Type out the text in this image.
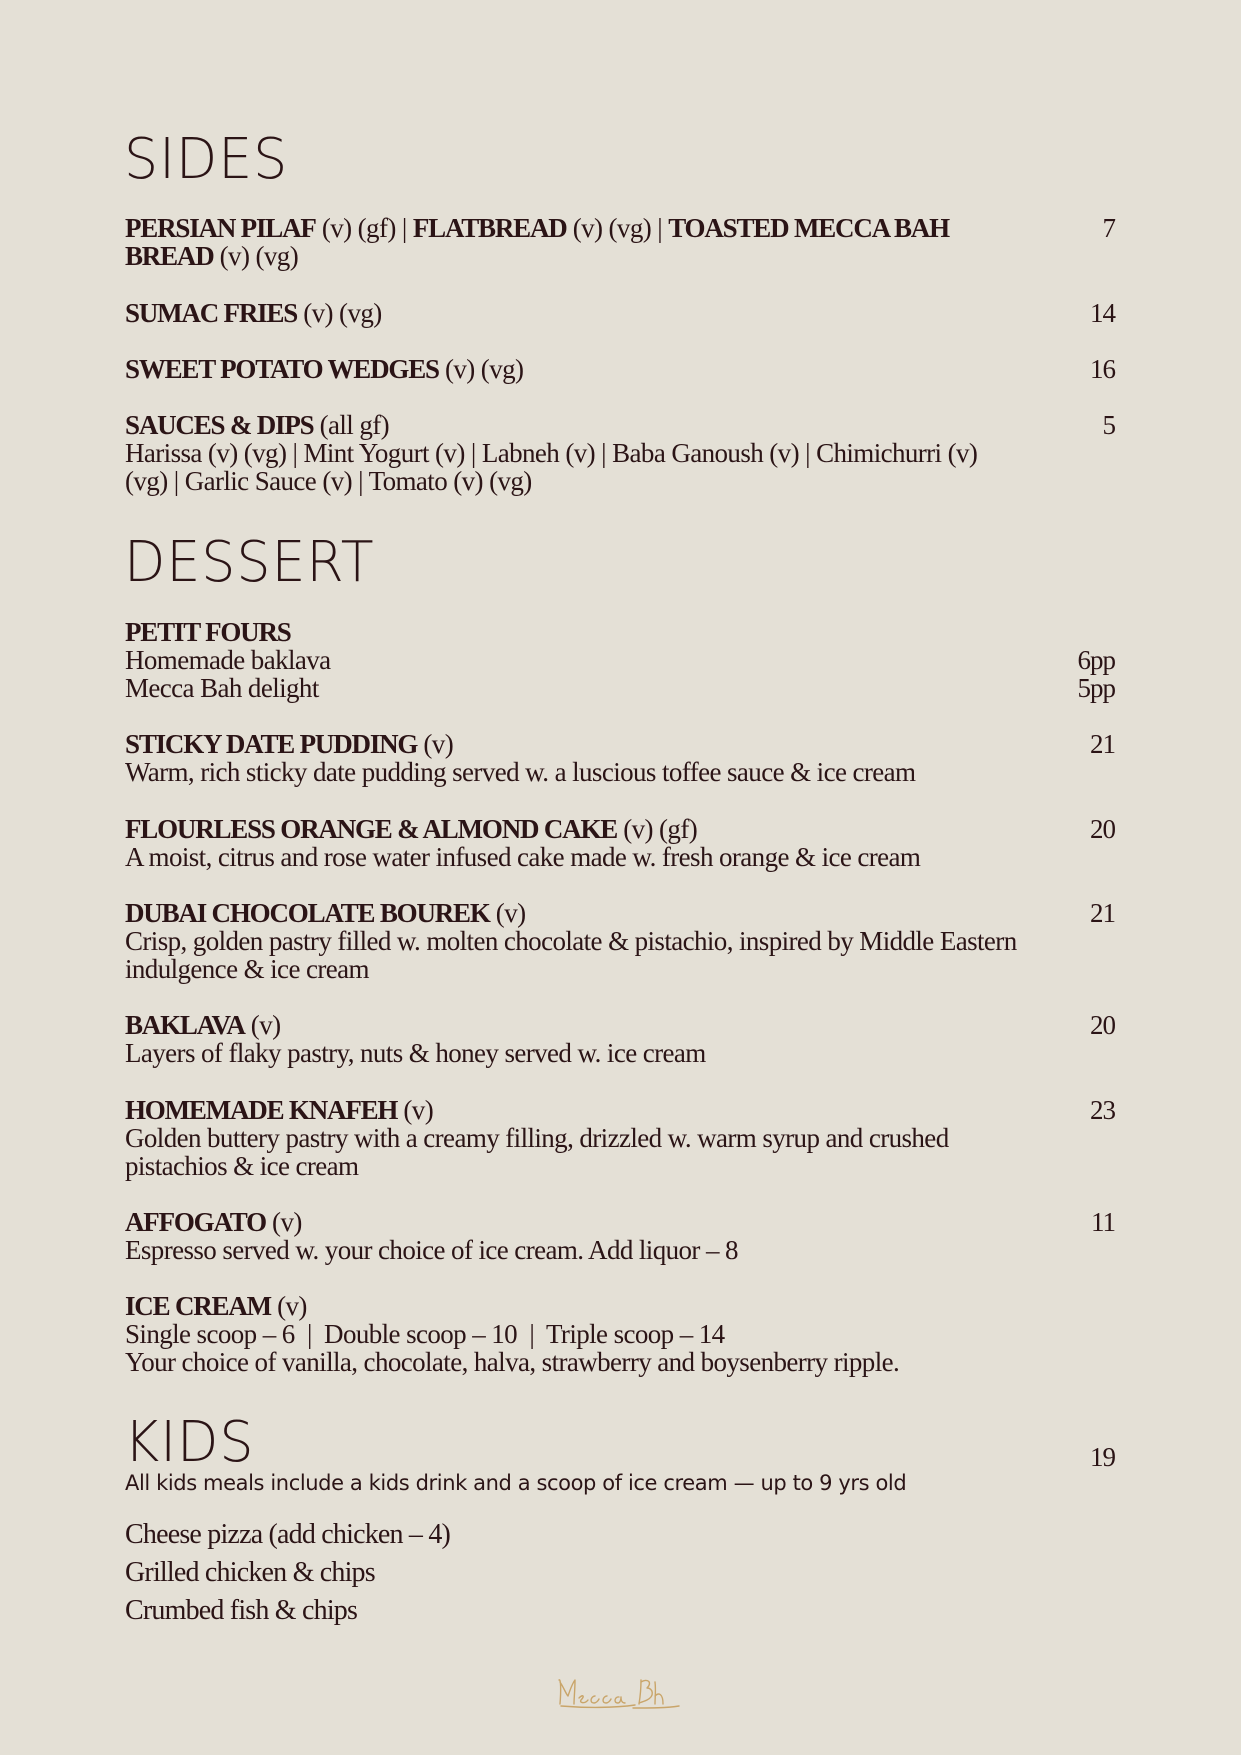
SIDES
PERSIAN PILAF (v) (gf) | FLATBREAD (v) (vg) | TOASTED MECCA BAH BREAD (v) (vg)
7
SUMAC FRIES (v) (vg)	14
SWEET POTATO WEDGES (v) (vg)	16
SAUCES & DIPS (all gf)
Harissa (v) (vg) | Mint Yogurt (v) | Labneh (v) | Baba Ganoush (v) | Chimichurri (v) (vg) | Garlic Sauce (v) | Tomato (v) (vg)
5
DESSERT
PETIT FOURS
Homemade baklava	6pp
Mecca Bah delight	5pp
STICKY DATE PUDDING (v)
Warm, rich sticky date pudding served w. a luscious toffee sauce & ice cream
21
FLOURLESS ORANGE & ALMOND CAKE (v) (gf)
A moist, citrus and rose water infused cake made w. fresh orange & ice cream
20
DUBAI CHOCOLATE BOUREK (v)
Crisp, golden pastry filled w. molten chocolate & pistachio, inspired by Middle Eastern indulgence & ice cream
21
BAKLAVA (v)
Layers of flaky pastry, nuts & honey served w. ice cream
20
HOMEMADE KNAFEH (v)
Golden buttery pastry with a creamy filling, drizzled w. warm syrup and crushed pistachios & ice cream
23
AFFOGATO (v)
Espresso served w. your choice of ice cream. Add liquor – 8
11
ICE CREAM (v)
Single scoop – 6  |  Double scoop – 10  |  Triple scoop – 14
Your choice of vanilla, chocolate, halva, strawberry and boysenberry ripple.
KIDS	19
All kids meals include a kids drink and a scoop of ice cream — up to 9 yrs old
Cheese pizza (add chicken – 4)
Grilled chicken & chips
Crumbed fish & chips
